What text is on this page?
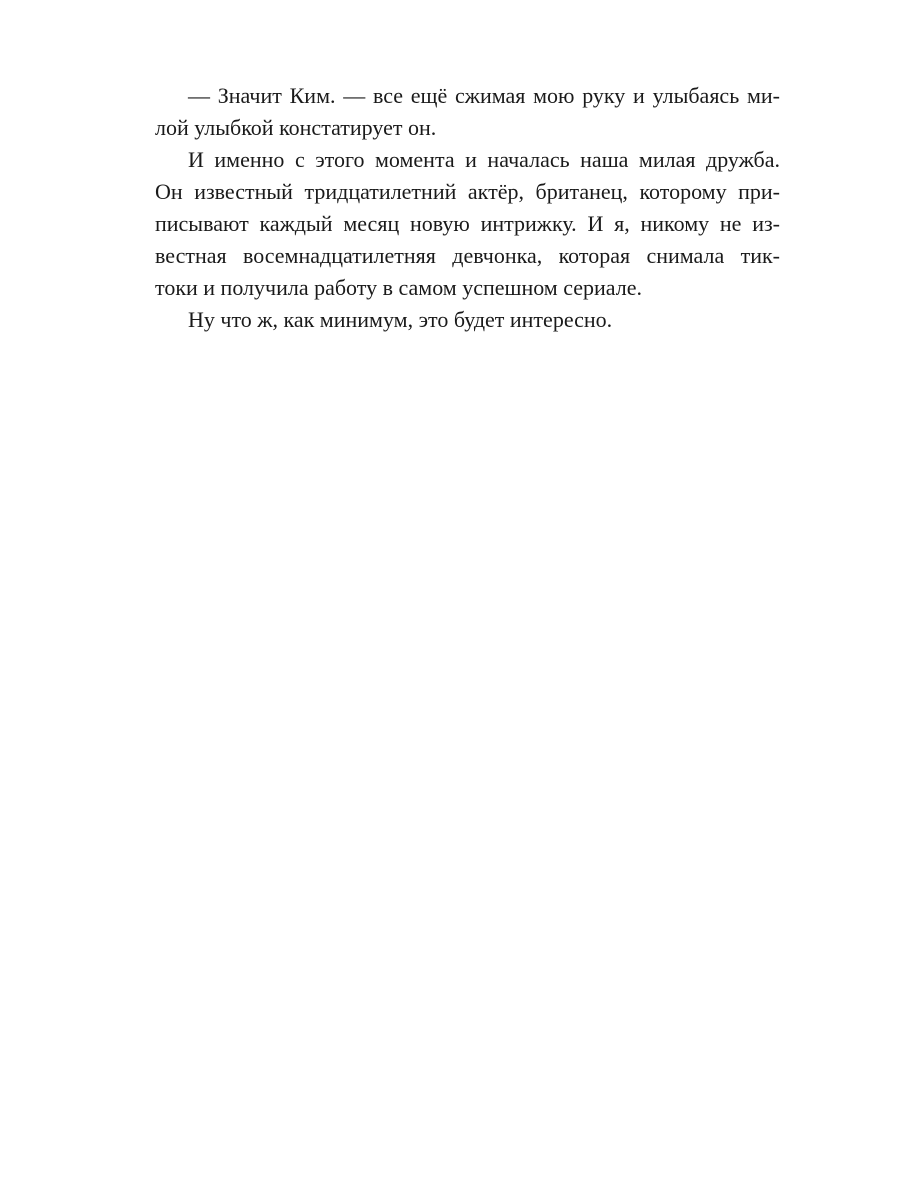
— Значит Ким. — все ещё сжимая мою руку и улыбаясь ми-
лой улыбкой констатирует он.
И именно с этого момента и началась наша милая дружба.
Он известный тридцатилетний актёр, британец, которому при-
писывают каждый месяц новую интрижку. И я, никому не из-
вестная восемнадцатилетняя девчонка, которая снимала тик-
токи и получила работу в самом успешном сериале.
Ну что ж, как минимум, это будет интересно.
